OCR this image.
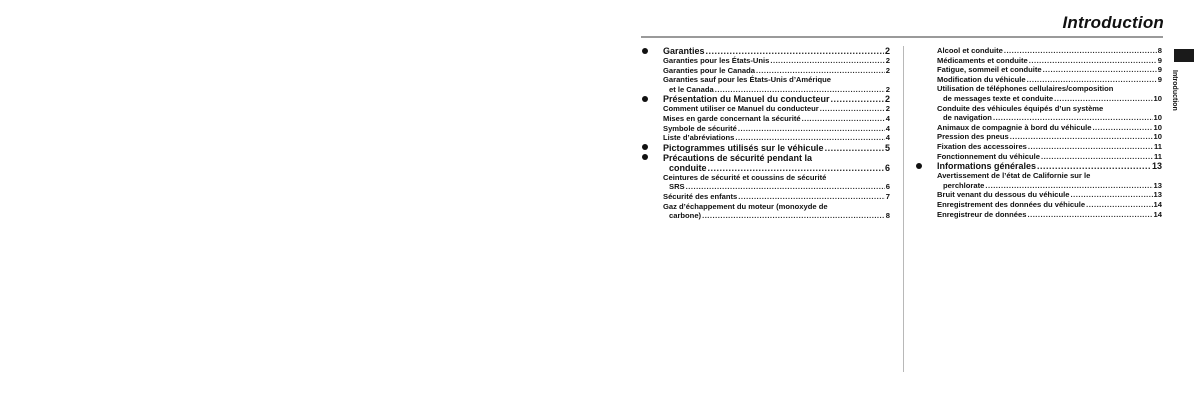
Introduction
Introduction
Garanties .....	2
Garanties pour les États-Unis .....	2
Garanties pour le Canada .....	2
Garanties sauf pour les États-Unis d’Amérique
et le Canada .....	2
Présentation du Manuel du conducteur .....	2
Comment utiliser ce Manuel du conducteur .....	2
Mises en garde concernant la sécurité .....	4
Symbole de sécurité .....	4
Liste d’abréviations .....	4
Pictogrammes utilisés sur le véhicule .....	5
Précautions de sécurité pendant la
conduite .....	6
Ceintures de sécurité et coussins de sécurité
SRS .....	6
Sécurité des enfants .....	7
Gaz d’échappement du moteur (monoxyde de
carbone) .....	8
Alcool et conduite .....	8
Médicaments et conduite .....	9
Fatigue, sommeil et conduite .....	9
Modification du véhicule .....	9
Utilisation de téléphones cellulaires/composition
de messages texte et conduite .....	10
Conduite des véhicules équipés d’un système
de navigation .....	10
Animaux de compagnie à bord du véhicule .....	10
Pression des pneus .....	10
Fixation des accessoires .....	11
Fonctionnement du véhicule .....	11
Informations générales .....	13
Avertissement de l’état de Californie sur le
perchlorate .....	13
Bruit venant du dessous du véhicule .....	13
Enregistrement des données du véhicule .....	14
Enregistreur de données .....	14
